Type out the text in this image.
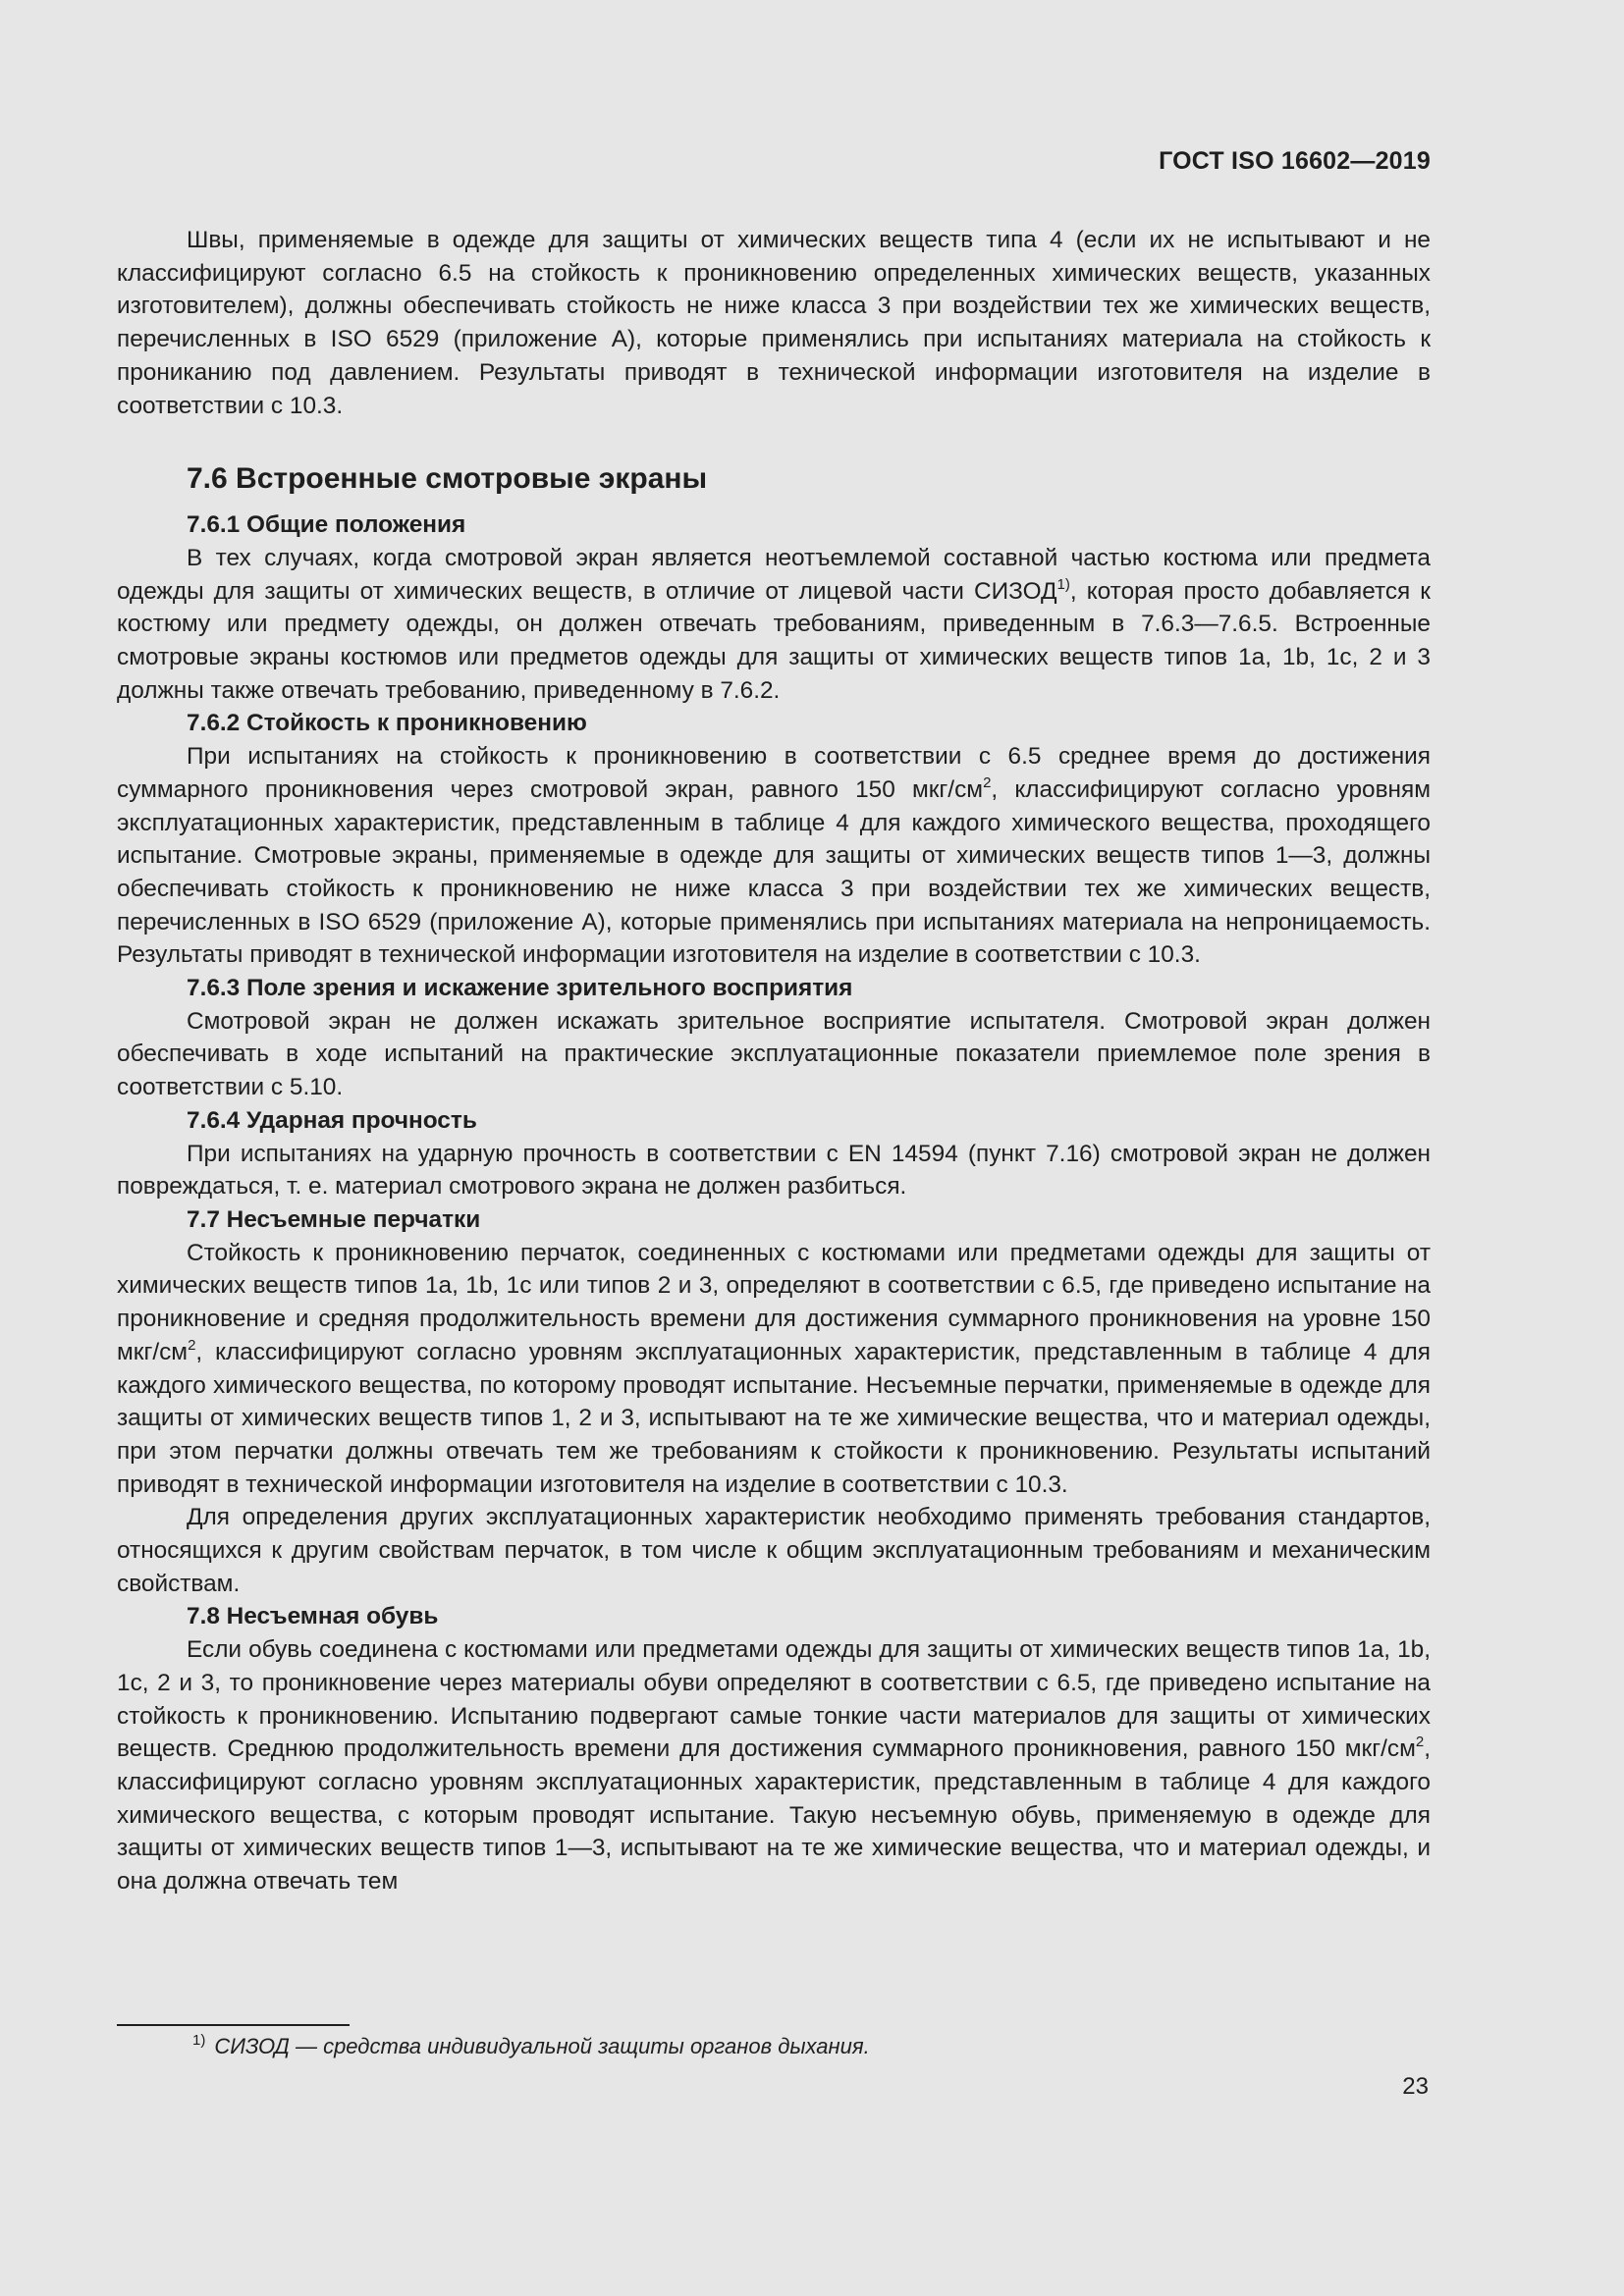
ГОСТ ISO 16602—2019

Швы, применяемые в одежде для защиты от химических веществ типа 4 (если их не испытывают и не классифицируют согласно 6.5 на стойкость к проникновению определенных химических веществ, указанных изготовителем), должны обеспечивать стойкость не ниже класса 3 при воздействии тех же химических веществ, перечисленных в ISO 6529 (приложение А), которые применялись при испытаниях материала на стойкость к прониканию под давлением. Результаты приводят в технической информации изготовителя на изделие в соответствии с 10.3.

7.6 Встроенные смотровые экраны
7.6.1 Общие положения

В тех случаях, когда смотровой экран является неотъемлемой составной частью костюма или предмета одежды для защиты от химических веществ, в отличие от лицевой части СИЗОД$^{1)}$, которая просто добавляется к костюму или предмету одежды, он должен отвечать требованиям, приведенным в 7.6.3—7.6.5. Встроенные смотровые экраны костюмов или предметов одежды для защиты от химических веществ типов 1а, 1b, 1с, 2 и 3 должны также отвечать требованию, приведенному в 7.6.2.

7.6.2 Стойкость к проникновению

При испытаниях на стойкость к проникновению в соответствии с 6.5 среднее время до достижения суммарного проникновения через смотровой экран, равного 150 мкг/$см^2$, классифицируют согласно уровням эксплуатационных характеристик, представленным в таблице 4 для каждого химического вещества, проходящего испытание. Смотровые экраны, применяемые в одежде для защиты от химических веществ типов 1—3, должны обеспечивать стойкость к проникновению не ниже класса 3 при воздействии тех же химических веществ, перечисленных в ISO 6529 (приложение А), которые применялись при испытаниях материала на непроницаемость. Результаты приводят в технической информации изготовителя на изделие в соответствии с 10.3.

7.6.3 Поле зрения и искажение зрительного восприятия

Смотровой экран не должен искажать зрительное восприятие испытателя. Смотровой экран должен обеспечивать в ходе испытаний на практические эксплуатационные показатели приемлемое поле зрения в соответствии с 5.10.

7.6.4 Ударная прочность

При испытаниях на ударную прочность в соответствии с EN 14594 (пункт 7.16) смотровой экран не должен повреждаться, т. е. материал смотрового экрана не должен разбиться.

7.7 Несъемные перчатки

Стойкость к проникновению перчаток, соединенных с костюмами или предметами одежды для защиты от химических веществ типов 1а, 1b, 1с или типов 2 и 3, определяют в соответствии с 6.5, где приведено испытание на проникновение и средняя продолжительность времени для достижения суммарного проникновения на уровне 150 мкг/$см^2$, классифицируют согласно уровням эксплуатационных характеристик, представленным в таблице 4 для каждого химического вещества, по которому проводят испытание. Несъемные перчатки, применяемые в одежде для защиты от химических веществ типов 1, 2 и 3, испытывают на те же химические вещества, что и материал одежды, при этом перчатки должны отвечать тем же требованиям к стойкости к проникновению. Результаты испытаний приводят в технической информации изготовителя на изделие в соответствии с 10.3.

Для определения других эксплуатационных характеристик необходимо применять требования стандартов, относящихся к другим свойствам перчаток, в том числе к общим эксплуатационным требованиям и механическим свойствам.

7.8 Несъемная обувь

Если обувь соединена с костюмами или предметами одежды для защиты от химических веществ типов 1а, 1b, 1с, 2 и 3, то проникновение через материалы обуви определяют в соответствии с 6.5, где приведено испытание на стойкость к проникновению. Испытанию подвергают самые тонкие части материалов для защиты от химических веществ. Среднюю продолжительность времени для достижения суммарного проникновения, равного 150 мкг/$см^2$, классифицируют согласно уровням эксплуатационных характеристик, представленным в таблице 4 для каждого химического вещества, с которым проводят испытание. Такую несъемную обувь, применяемую в одежде для защиты от химических веществ типов 1—3, испытывают на те же химические вещества, что и материал одежды, и она должна отвечать тем

$^{1)}$ СИЗОД — средства индивидуальной защиты органов дыхания.

23
